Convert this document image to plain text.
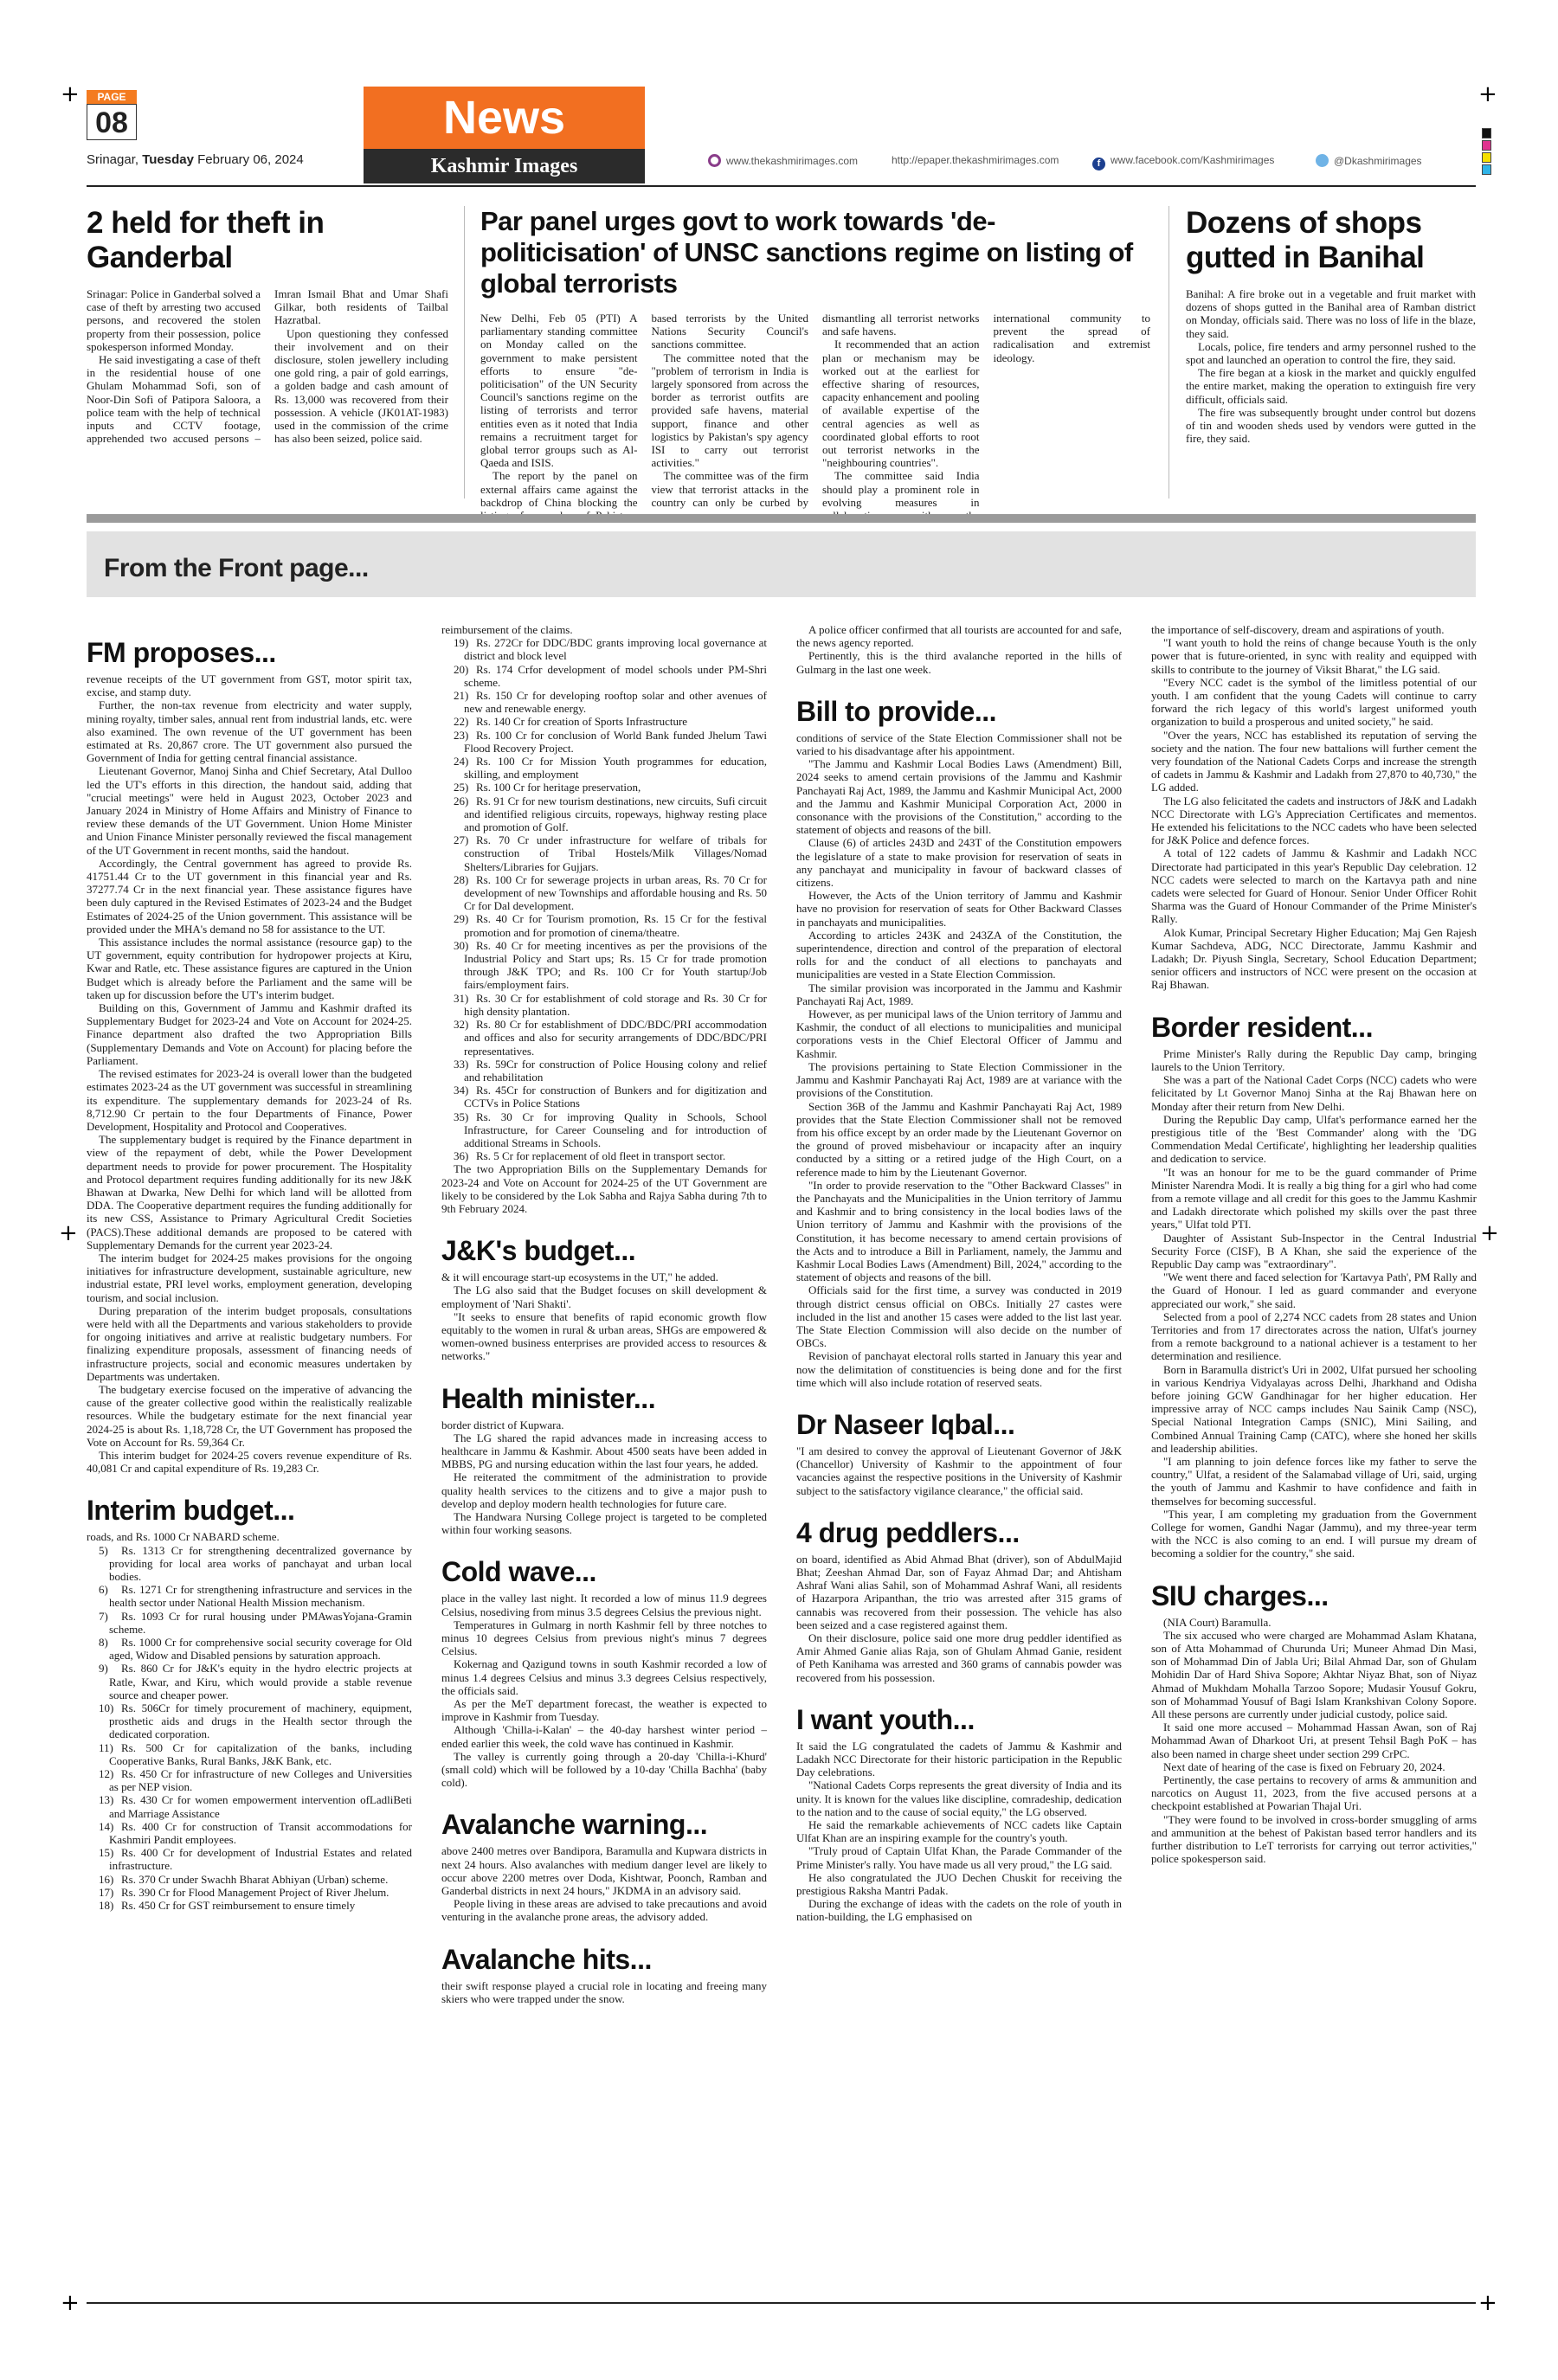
+	+
+	+
+	+
PAGE
08
Srinagar, Tuesday February 06, 2024
News
Kashmir Images	www.thekashmirimages.com	http://epaper.thekashmirimages.com	f www.facebook.com/Kashmirimages	@Dkashmirimages
2 held for theft in Ganderbal

Srinagar: Police in Ganderbal solved a case of theft by arresting two accused persons, and recovered the stolen property from their possession, police spokesperson informed Monday.

He said investigating a case of theft in the residential house of one Ghulam Mohammad Sofi, son of Noor-Din Sofi of Patipora Saloora, a police team with the help of technical inputs and CCTV footage, apprehended two accused persons – Imran Ismail Bhat and Umar Shafi Gilkar, both residents of Tailbal Hazratbal.

Upon questioning they confessed their involvement and on their disclosure, stolen jewellery including one gold ring, a pair of gold earrings, a golden badge and cash amount of Rs. 13,000 was recovered from their possession. A vehicle (JK01AT-1983) used in the commission of the crime has also been seized, police said.

Par panel urges govt to work towards 'de-politicisation' of UNSC sanctions regime on listing of global terrorists

New Delhi, Feb 05 (PTI) A parliamentary standing committee on Monday called on the government to make persistent efforts to ensure "de-politicisation" of the UN Security Council's sanctions regime on the listing of terrorists and terror entities even as it noted that India remains a recruitment target for global terror groups such as Al-Qaeda and ISIS.

The report by the panel on external affairs came against the backdrop of China blocking the based terrorists by the United Nations Security Council's sanctions committee.

The committee noted that the "problem of terrorism in India is largely sponsored from across the border as terrorist outfits are provided safe havens, material support, finance and other logistics by Pakistan's spy agency ISI to carry out terrorist activities."

The committee was of the firm view that terrorist attacks in the country can only be curbed by dismantling all terrorist networks and safe havens.

It recommended that an action plan or mechanism may be worked out at the earliest for effective sharing of resources, capacity enhancement and pooling of available expertise of the central agencies as well as coordinated global efforts to root out terrorist networks in the "neighbouring countries".

The committee said India should play a prominent role in evolving measures in international community to prevent the spread of radicalisation and extremist ideology.

Dozens of shops gutted in Banihal

Banihal: A fire broke out in a vegetable and fruit market with dozens of shops gutted in the Banihal area of Ramban district on Monday, officials said. There was no loss of life in the blaze, they said.

Locals, police, fire tenders and army personnel rushed to the spot and launched an operation to control the fire, they said.

The fire began at a kiosk in the market and quickly engulfed the entire market, making the operation to extinguish fire very difficult, officials said.

The fire was subsequently brought under control but dozens of tin and wooden sheds used by vendors were gutted in the fire, they said.

From the Front page...
FM proposes...

revenue receipts of the UT government from GST, motor spirit tax, excise, and stamp duty.

Further, the non-tax revenue from electricity and water supply, mining royalty, timber sales, annual rent from industrial lands, etc. were also examined. The own revenue of the UT government has been estimated at Rs. 20,867 crore. The UT government also pursued the Government of India for getting central financial assistance.

Lieutenant Governor, Manoj Sinha and Chief Secretary, Atal Dulloo led the UT's efforts in this direction, the handout said, adding that "crucial meetings" were held in August 2023, October 2023 and January 2024 in Ministry of Home Affairs and Ministry of Finance to review these demands of the UT Government. Union Home Minister and Union Finance Minister personally reviewed the fiscal management of the UT Government in recent months, said the handout.

Accordingly, the Central government has agreed to provide Rs. 41751.44 Cr to the UT government in this financial year and Rs. 37277.74 Cr in the next financial year. These assistance figures have been duly captured in the Revised Estimates of 2023-24 and the Budget Estimates of 2024-25 of the Union government. This assistance will be provided under the MHA's demand no 58 for assistance to the UT.

This assistance includes the normal assistance (resource gap) to the UT government, equity contribution for hydropower projects at Kiru, Kwar and Ratle, etc. These assistance figures are captured in the Union Budget which is already before the Parliament and the same will be taken up for discussion before the UT's interim budget.

Building on this, Government of Jammu and Kashmir drafted its Supplementary Budget for 2023-24 and Vote on Account for 2024-25. Finance department also drafted the two Appropriation Bills (Supplementary Demands and Vote on Account) for placing before the Parliament.

The revised estimates for 2023-24 is overall lower than the budgeted estimates 2023-24 as the UT government was successful in streamlining its expenditure. The supplementary demands for 2023-24 of Rs. 8,712.90 Cr pertain to the four Departments of Finance, Power Development, Hospitality and Protocol and Cooperatives.

The supplementary budget is required by the Finance department in view of the repayment of debt, while the Power Development department needs to provide for power procurement. The Hospitality and Protocol department requires funding additionally for its new J&K Bhawan at Dwarka, New Delhi for which land will be allotted from DDA. The Cooperative department requires the funding additionally for its new CSS, Assistance to Primary Agricultural Credit Societies (PACS).These additional demands are proposed to be catered with Supplementary Demands for the current year 2023-24.

The interim budget for 2024-25 makes provisions for the ongoing initiatives for infrastructure development, sustainable agriculture, new industrial estate, PRI level works, employment generation, developing tourism, and social inclusion.

During preparation of the interim budget proposals, consultations were held with all the Departments and various stakeholders to provide for ongoing initiatives and arrive at realistic budgetary numbers. For finalizing expenditure proposals, assessment of financing needs of infrastructure projects, social and economic measures undertaken by Departments was undertaken.

The budgetary exercise focused on the imperative of advancing the cause of the greater collective good within the realistically realizable resources. While the budgetary estimate for the next financial year 2024-25 is about Rs. 1,18,728 Cr, the UT Government has proposed the Vote on Account for Rs. 59,364 Cr.

This interim budget for 2024-25 covers revenue expenditure of Rs. 40,081 Cr and capital expenditure of Rs. 19,283 Cr.

Interim budget...

roads, and Rs. 1000 Cr NABARD scheme.

5) Rs. 1313 Cr for strengthening decentralized governance by providing for local area works of panchayat and urban local bodies.

6) Rs. 1271 Cr for strengthening infrastructure and services in the health sector under National Health Mission mechanism.

7) Rs. 1093 Cr for rural housing under PMAwasYojana-Gramin scheme.

8) Rs. 1000 Cr for comprehensive social security coverage for Old aged, Widow and Disabled pensions by saturation approach.

9) Rs. 860 Cr for J&K's equity in the hydro electric projects at Ratle, Kwar, and Kiru, which would provide a stable revenue source and cheaper power.

10) Rs. 506Cr for timely procurement of machinery, equipment, prosthetic aids and drugs in the Health sector through the dedicated corporation.

11) Rs. 500 Cr for capitalization of the banks, including Cooperative Banks, Rural Banks, J&K Bank, etc.

12) Rs. 450 Cr for infrastructure of new Colleges and Universities as per NEP vision.

13) Rs. 430 Cr for women empowerment intervention ofLadliBeti and Marriage Assistance

14) Rs. 400 Cr for construction of Transit accommodations for Kashmiri Pandit employees.

15) Rs. 400 Cr for development of Industrial Estates and related infrastructure.

16) Rs. 370 Cr under Swachh Bharat Abhiyan (Urban) scheme.

17) Rs. 390 Cr for Flood Management Project of River Jhelum.

18) Rs. 450 Cr for GST reimbursement to ensure timely

reimbursement of the claims.

19) Rs. 272Cr for DDC/BDC grants improving local governance at district and block level

20) Rs. 174 Crfor development of model schools under PM-Shri scheme.

21) Rs. 150 Cr for developing rooftop solar and other avenues of new and renewable energy.

22) Rs. 140 Cr for creation of Sports Infrastructure

23) Rs. 100 Cr for conclusion of World Bank funded Jhelum Tawi Flood Recovery Project.

24) Rs. 100 Cr for Mission Youth programmes for education, skilling, and employment

25) Rs. 100 Cr for heritage preservation,

26) Rs. 91 Cr for new tourism destinations, new circuits, Sufi circuit and identified religious circuits, ropeways, highway resting place and promotion of Golf.

27) Rs. 70 Cr under infrastructure for welfare of tribals for construction of Tribal Hostels/Milk Villages/Nomad Shelters/Libraries for Gujjars.

28) Rs. 100 Cr for sewerage projects in urban areas, Rs. 70 Cr for development of new Townships and affordable housing and Rs. 50 Cr for Dal development.

29) Rs. 40 Cr for Tourism promotion, Rs. 15 Cr for the festival promotion and for promotion of cinema/theatre.

30) Rs. 40 Cr for meeting incentives as per the provisions of the Industrial Policy and Start ups; Rs. 15 Cr for trade promotion through J&K TPO; and Rs. 100 Cr for Youth startup/Job fairs/employment fairs.

31) Rs. 30 Cr for establishment of cold storage and Rs. 30 Cr for high density plantation.

32) Rs. 80 Cr for establishment of DDC/BDC/PRI accommodation and offices and also for security arrangements of DDC/BDC/PRI representatives.

33) Rs. 59Cr for construction of Police Housing colony and relief and rehabilitation

34) Rs. 45Cr for construction of Bunkers and for digitization and CCTVs in Police Stations

35) Rs. 30 Cr for improving Quality in Schools, School Infrastructure, for Career Counseling and for introduction of additional Streams in Schools.

36) Rs. 5 Cr for replacement of old fleet in transport sector.

The two Appropriation Bills on the Supplementary Demands for 2023-24 and Vote on Account for 2024-25 of the UT Government are likely to be considered by the Lok Sabha and Rajya Sabha during 7th to 9th February 2024.

J&K's budget...

& it will encourage start-up ecosystems in the UT," he added.

The LG also said that the Budget focuses on skill development & employment of 'Nari Shakti'.

"It seeks to ensure that benefits of rapid economic growth flow equitably to the women in rural & urban areas, SHGs are empowered & women-owned business enterprises are provided access to resources & networks."

Health minister...

border district of Kupwara.

The LG shared the rapid advances made in increasing access to healthcare in Jammu & Kashmir. About 4500 seats have been added in MBBS, PG and nursing education within the last four years, he added.

He reiterated the commitment of the administration to provide quality health services to the citizens and to give a major push to develop and deploy modern health technologies for future care.

The Handwara Nursing College project is targeted to be completed within four working seasons.

Cold wave...

place in the valley last night. It recorded a low of minus 11.9 degrees Celsius, nosediving from minus 3.5 degrees Celsius the previous night.

Temperatures in Gulmarg in north Kashmir fell by three notches to minus 10 degrees Celsius from previous night's minus 7 degrees Celsius.

Kokernag and Qazigund towns in south Kashmir recorded a low of minus 1.4 degrees Celsius and minus 3.3 degrees Celsius respectively, the officials said.

As per the MeT department forecast, the weather is expected to improve in Kashmir from Tuesday.

Although 'Chilla-i-Kalan' – the 40-day harshest winter period – ended earlier this week, the cold wave has continued in Kashmir.

The valley is currently going through a 20-day 'Chilla-i-Khurd' (small cold) which will be followed by a 10-day 'Chilla Bachha' (baby cold).

Avalanche warning...

above 2400 metres over Bandipora, Baramulla and Kupwara districts in next 24 hours. Also avalanches with medium danger level are likely to occur above 2200 metres over Doda, Kishtwar, Poonch, Ramban and Ganderbal districts in next 24 hours," JKDMA in an advisory said.

People living in these areas are advised to take precautions and avoid venturing in the avalanche prone areas, the advisory added.

Avalanche hits...

their swift response played a crucial role in locating and freeing many skiers who were trapped under the snow.

A police officer confirmed that all tourists are accounted for and safe, the news agency reported.

Pertinently, this is the third avalanche reported in the hills of Gulmarg in the last one week.

Bill to provide...

conditions of service of the State Election Commissioner shall not be varied to his disadvantage after his appointment.

"The Jammu and Kashmir Local Bodies Laws (Amendment) Bill, 2024 seeks to amend certain provisions of the Jammu and Kashmir Panchayati Raj Act, 1989, the Jammu and Kashmir Municipal Act, 2000 and the Jammu and Kashmir Municipal Corporation Act, 2000 in consonance with the provisions of the Constitution," according to the statement of objects and reasons of the bill.

Clause (6) of articles 243D and 243T of the Constitution empowers the legislature of a state to make provision for reservation of seats in any panchayat and municipality in favour of backward classes of citizens.

However, the Acts of the Union territory of Jammu and Kashmir have no provision for reservation of seats for Other Backward Classes in panchayats and municipalities.

According to articles 243K and 243ZA of the Constitution, the superintendence, direction and control of the preparation of electoral rolls for and the conduct of all elections to panchayats and municipalities are vested in a State Election Commission.

The similar provision was incorporated in the Jammu and Kashmir Panchayati Raj Act, 1989.

However, as per municipal laws of the Union territory of Jammu and Kashmir, the conduct of all elections to municipalities and municipal corporations vests in the Chief Electoral Officer of Jammu and Kashmir.

The provisions pertaining to State Election Commissioner in the Jammu and Kashmir Panchayati Raj Act, 1989 are at variance with the provisions of the Constitution.

Section 36B of the Jammu and Kashmir Panchayati Raj Act, 1989 provides that the State Election Commissioner shall not be removed from his office except by an order made by the Lieutenant Governor on the ground of proved misbehaviour or incapacity after an inquiry conducted by a sitting or a retired judge of the High Court, on a reference made to him by the Lieutenant Governor.

"In order to provide reservation to the "Other Backward Classes" in the Panchayats and the Municipalities in the Union territory of Jammu and Kashmir and to bring consistency in the local bodies laws of the Union territory of Jammu and Kashmir with the provisions of the Constitution, it has become necessary to amend certain provisions of the Acts and to introduce a Bill in Parliament, namely, the Jammu and Kashmir Local Bodies Laws (Amendment) Bill, 2024," according to the statement of objects and reasons of the bill.

Officials said for the first time, a survey was conducted in 2019 through district census official on OBCs. Initially 27 castes were included in the list and another 15 cases were added to the list last year. The State Election Commission will also decide on the number of OBCs.

Revision of panchayat electoral rolls started in January this year and now the delimitation of constituencies is being done and for the first time which will also include rotation of reserved seats.

Dr Naseer Iqbal...

"I am desired to convey the approval of Lieutenant Governor of J&K (Chancellor) University of Kashmir to the appointment of four vacancies against the respective positions in the University of Kashmir subject to the satisfactory vigilance clearance," the official said.

4 drug peddlers...

on board, identified as Abid Ahmad Bhat (driver), son of AbdulMajid Bhat; Zeeshan Ahmad Dar, son of Fayaz Ahmad Dar; and Ahtisham Ashraf Wani alias Sahil, son of Mohammad Ashraf Wani, all residents of Hazarpora Aripanthan, the trio was arrested after 315 grams of cannabis was recovered from their possession. The vehicle has also been seized and a case registered against them.

On their disclosure, police said one more drug peddler identified as Amir Ahmed Ganie alias Raja, son of Ghulam Ahmad Ganie, resident of Peth Kanihama was arrested and 360 grams of cannabis powder was recovered from his possession.

I want youth...

It said the LG congratulated the cadets of Jammu & Kashmir and Ladakh NCC Directorate for their historic participation in the Republic Day celebrations.

"National Cadets Corps represents the great diversity of India and its unity. It is known for the values like discipline, comradeship, dedication to the nation and to the cause of social equity," the LG observed.

He said the remarkable achievements of NCC cadets like Captain Ulfat Khan are an inspiring example for the country's youth.

"Truly proud of Captain Ulfat Khan, the Parade Commander of the Prime Minister's rally. You have made us all very proud," the LG said.

He also congratulated the JUO Dechen Chuskit for receiving the prestigious Raksha Mantri Padak.

During the exchange of ideas with the cadets on the role of youth in nation-building, the LG emphasised on

the importance of self-discovery, dream and aspirations of youth.

"I want youth to hold the reins of change because Youth is the only power that is future-oriented, in sync with reality and equipped with skills to contribute to the journey of Viksit Bharat," the LG said.

"Every NCC cadet is the symbol of the limitless potential of our youth. I am confident that the young Cadets will continue to carry forward the rich legacy of this world's largest uniformed youth organization to build a prosperous and united society," he said.

"Over the years, NCC has established its reputation of serving the society and the nation. The four new battalions will further cement the very foundation of the National Cadets Corps and increase the strength of cadets in Jammu & Kashmir and Ladakh from 27,870 to 40,730," the LG added.

The LG also felicitated the cadets and instructors of J&K and Ladakh NCC Directorate with LG's Appreciation Certificates and mementos. He extended his felicitations to the NCC cadets who have been selected for J&K Police and defence forces.

A total of 122 cadets of Jammu & Kashmir and Ladakh NCC Directorate had participated in this year's Republic Day celebration. 12 NCC cadets were selected to march on the Kartavya path and nine cadets were selected for Guard of Honour. Senior Under Officer Rohit Sharma was the Guard of Honour Commander of the Prime Minister's Rally.

Alok Kumar, Principal Secretary Higher Education; Maj Gen Rajesh Kumar Sachdeva, ADG, NCC Directorate, Jammu Kashmir and Ladakh; Dr. Piyush Singla, Secretary, School Education Department; senior officers and instructors of NCC were present on the occasion at Raj Bhawan.

Border resident...

Prime Minister's Rally during the Republic Day camp, bringing laurels to the Union Territory.

She was a part of the National Cadet Corps (NCC) cadets who were felicitated by Lt Governor Manoj Sinha at the Raj Bhawan here on Monday after their return from New Delhi.

During the Republic Day camp, Ulfat's performance earned her the prestigious title of the 'Best Commander' along with the 'DG Commendation Medal Certificate', highlighting her leadership qualities and dedication to service.

"It was an honour for me to be the guard commander of Prime Minister Narendra Modi. It is really a big thing for a girl who had come from a remote village and all credit for this goes to the Jammu Kashmir and Ladakh directorate which polished my skills over the past three years," Ulfat told PTI.

Daughter of Assistant Sub-Inspector in the Central Industrial Security Force (CISF), B A Khan, she said the experience of the Republic Day camp was "extraordinary".

"We went there and faced selection for 'Kartavya Path', PM Rally and the Guard of Honour. I led as guard commander and everyone appreciated our work," she said.

Selected from a pool of 2,274 NCC cadets from 28 states and Union Territories and from 17 directorates across the nation, Ulfat's journey from a remote background to a national achiever is a testament to her determination and resilience.

Born in Baramulla district's Uri in 2002, Ulfat pursued her schooling in various Kendriya Vidyalayas across Delhi, Jharkhand and Odisha before joining GCW Gandhinagar for her higher education. Her impressive array of NCC camps includes Nau Sainik Camp (NSC), Special National Integration Camps (SNIC), Mini Sailing, and Combined Annual Training Camp (CATC), where she honed her skills and leadership abilities.

"I am planning to join defence forces like my father to serve the country," Ulfat, a resident of the Salamabad village of Uri, said, urging the youth of Jammu and Kashmir to have confidence and faith in themselves for becoming successful.

"This year, I am completing my graduation from the Government College for women, Gandhi Nagar (Jammu), and my three-year term with the NCC is also coming to an end. I will pursue my dream of becoming a soldier for the country," she said.

SIU charges...

(NIA Court) Baramulla.

The six accused who were charged are Mohammad Aslam Khatana, son of Atta Mohammad of Churunda Uri; Muneer Ahmad Din Masi, son of Mohammad Din of Jabla Uri; Bilal Ahmad Dar, son of Ghulam Mohidin Dar of Hard Shiva Sopore; Akhtar Niyaz Bhat, son of Niyaz Ahmad of Mukhdam Mohalla Tarzoo Sopore; Mudasir Yousuf Gokru, son of Mohammad Yousuf of Bagi Islam Krankshivan Colony Sopore. All these persons are currently under judicial custody, police said.

It said one more accused – Mohammad Hassan Awan, son of Raj Mohammad Awan of Dharkoot Uri, at present Tehsil Bagh PoK – has also been named in charge sheet under section 299 CrPC.

Next date of hearing of the case is fixed on February 20, 2024.

Pertinently, the case pertains to recovery of arms & ammunition and narcotics on August 11, 2023, from the five accused persons at a checkpoint established at Powarian Thajal Uri.

"They were found to be involved in cross-border smuggling of arms and ammunition at the behest of Pakistan based terror handlers and its further distribution to LeT terrorists for carrying out terror activities," police spokesperson said.
